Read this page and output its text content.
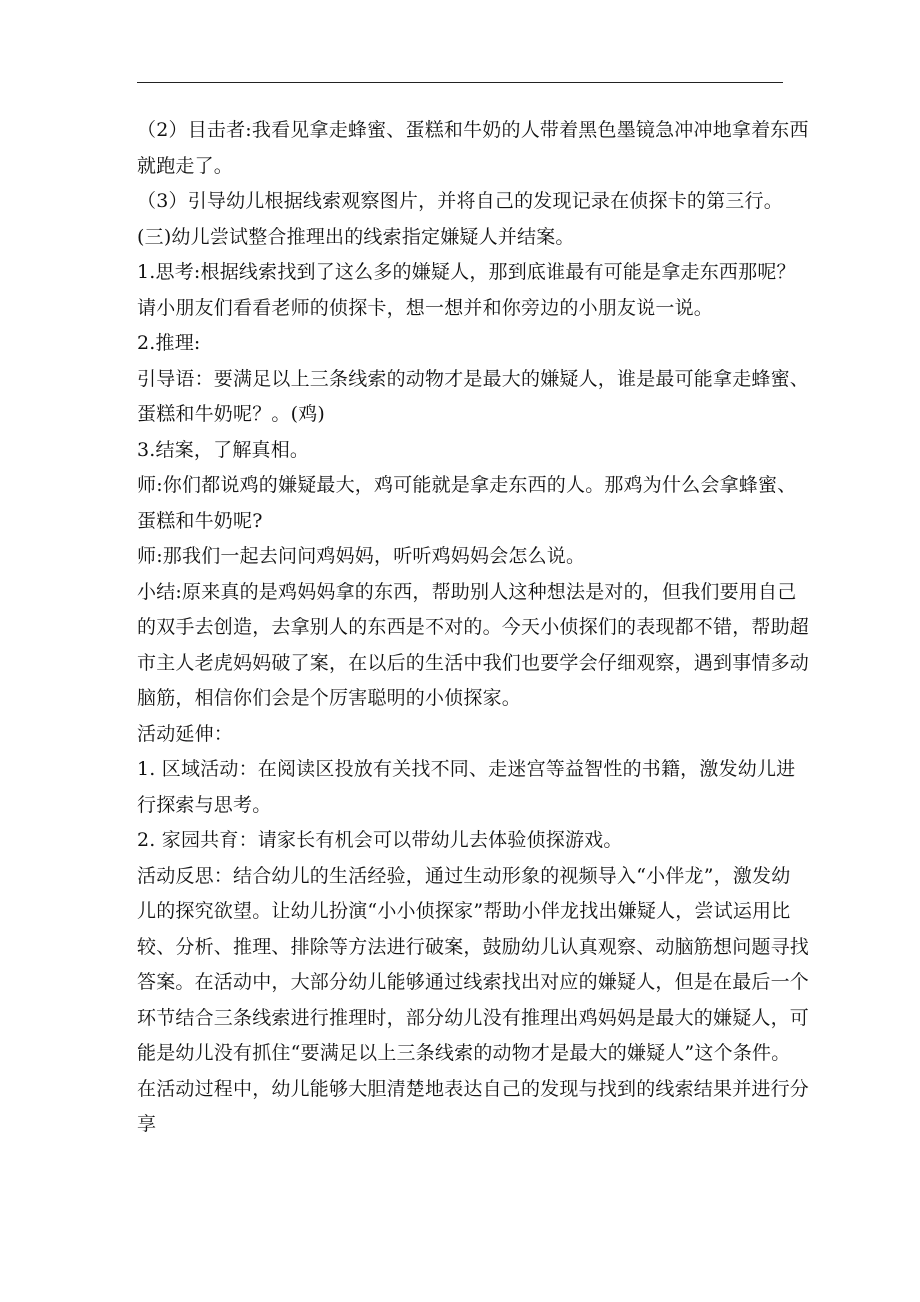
（2）目击者:我看见拿走蜂蜜、蛋糕和牛奶的人带着黑色墨镜急冲冲地拿着东西
就跑走了。
（3）引导幼儿根据线索观察图片，并将自己的发现记录在侦探卡的第三行。
(三)幼儿尝试整合推理出的线索指定嫌疑人并结案。
1.思考:根据线索找到了这么多的嫌疑人，那到底谁最有可能是拿走东西那呢？
请小朋友们看看老师的侦探卡，想一想并和你旁边的小朋友说一说。
2.推理:
引导语：要满足以上三条线索的动物才是最大的嫌疑人，谁是最可能拿走蜂蜜、
蛋糕和牛奶呢？。(鸡)
3.结案，了解真相。
师:你们都说鸡的嫌疑最大，鸡可能就是拿走东西的人。那鸡为什么会拿蜂蜜、
蛋糕和牛奶呢?
师:那我们一起去问问鸡妈妈，听听鸡妈妈会怎么说。
小结:原来真的是鸡妈妈拿的东西，帮助别人这种想法是对的，但我们要用自己
的双手去创造，去拿别人的东西是不对的。今天小侦探们的表现都不错，帮助超
市主人老虎妈妈破了案，在以后的生活中我们也要学会仔细观察，遇到事情多动
脑筋，相信你们会是个厉害聪明的小侦探家。
活动延伸：
1. 区域活动：在阅读区投放有关找不同、走迷宫等益智性的书籍，激发幼儿进
行探索与思考。
2. 家园共育：请家长有机会可以带幼儿去体验侦探游戏。
活动反思：结合幼儿的生活经验，通过生动形象的视频导入“小伴龙”，激发幼
儿的探究欲望。让幼儿扮演“小小侦探家”帮助小伴龙找出嫌疑人，尝试运用比
较、分析、推理、排除等方法进行破案，鼓励幼儿认真观察、动脑筋想问题寻找
答案。在活动中，大部分幼儿能够通过线索找出对应的嫌疑人，但是在最后一个
环节结合三条线索进行推理时，部分幼儿没有推理出鸡妈妈是最大的嫌疑人，可
能是幼儿没有抓住“要满足以上三条线索的动物才是最大的嫌疑人”这个条件。
在活动过程中，幼儿能够大胆清楚地表达自己的发现与找到的线索结果并进行分
享
